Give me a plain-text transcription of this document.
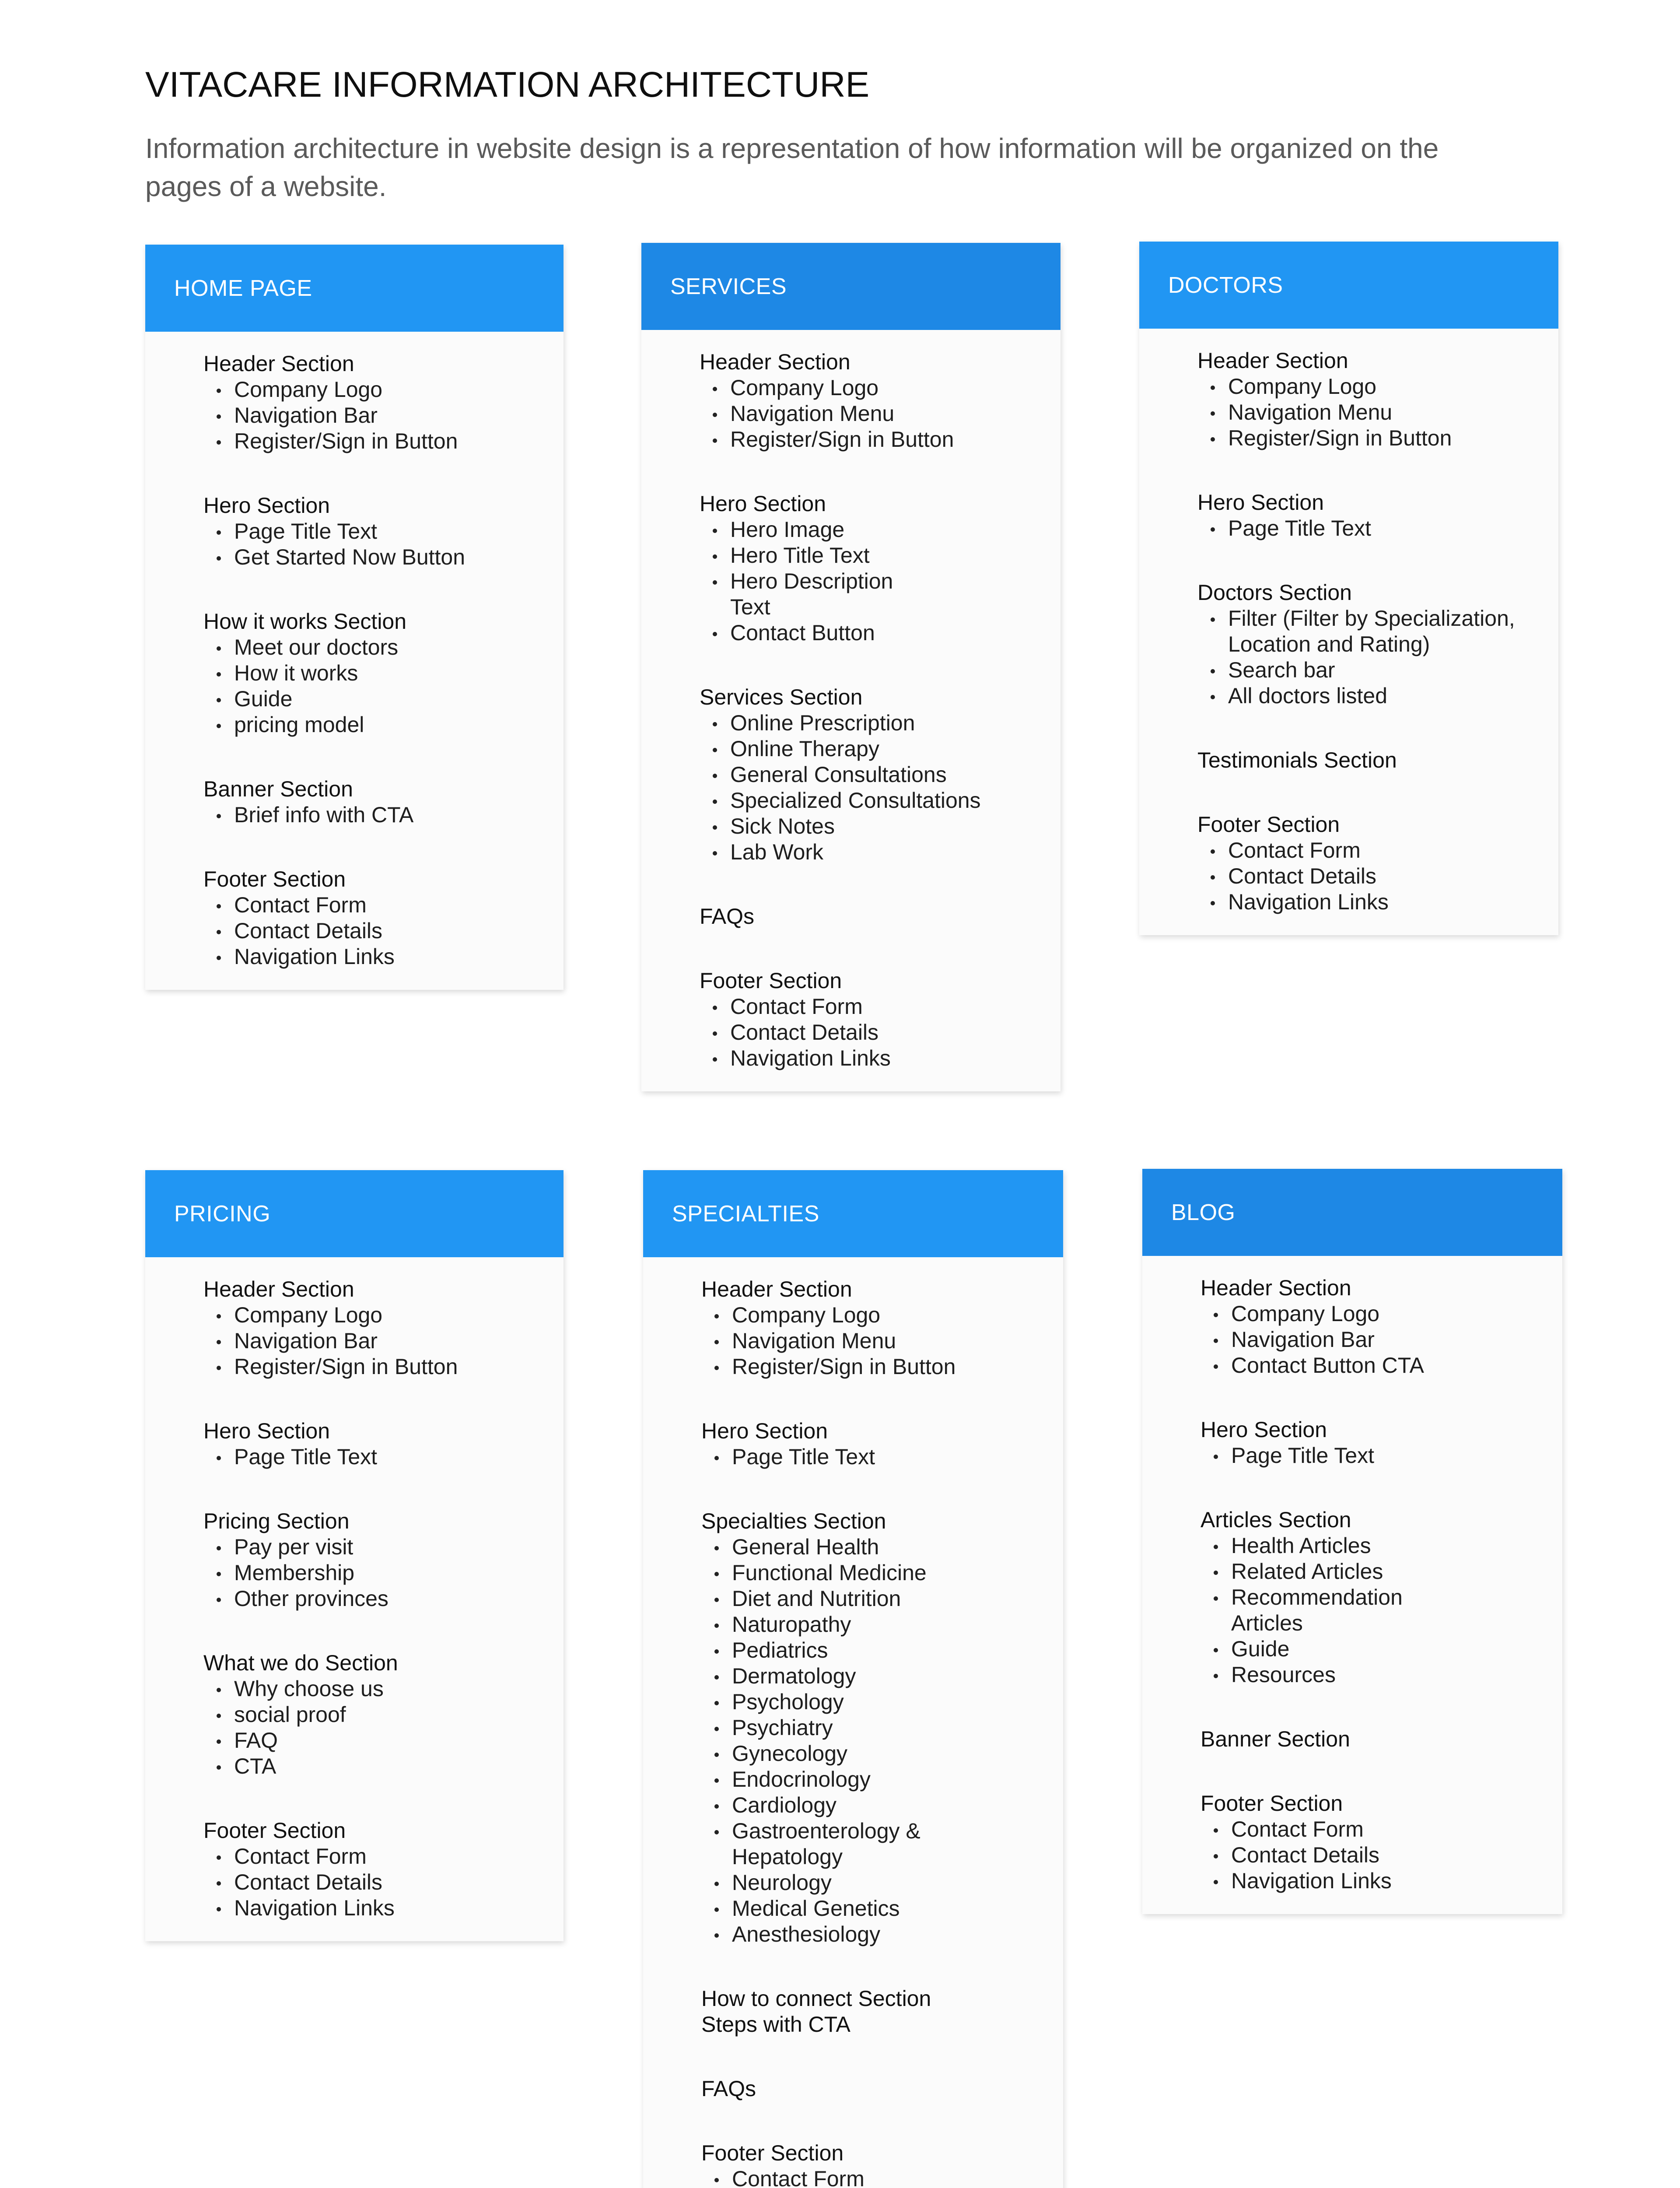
VITACARE INFORMATION ARCHITECTURE

Information architecture in website design is a representation of how information will be organized on the pages of a website.

HOME PAGE
Header Section
Company Logo
Navigation Bar
Register/Sign in Button
Hero Section
Page Title Text
Get Started Now Button
How it works Section
Meet our doctors
How it works
Guide
pricing model
Banner Section
Brief info with CTA
Footer Section
Contact Form
Contact Details
Navigation Links
SERVICES
Header Section
Company Logo
Navigation Menu
Register/Sign in Button
Hero Section
Hero Image
Hero Title Text
Hero Description
Text
Contact Button
Services Section
Online Prescription
Online Therapy
General Consultations
Specialized Consultations
Sick Notes
Lab Work
FAQs
Footer Section
Contact Form
Contact Details
Navigation Links
DOCTORS
Header Section
Company Logo
Navigation Menu
Register/Sign in Button
Hero Section
Page Title Text
Doctors Section
Filter (Filter by Specialization,
Location and Rating)
Search bar
All doctors listed
Testimonials Section
Footer Section
Contact Form
Contact Details
Navigation Links
PRICING
Header Section
Company Logo
Navigation Bar
Register/Sign in Button
Hero Section
Page Title Text
Pricing Section
Pay per visit
Membership
Other provinces
What we do Section
Why choose us
social proof
FAQ
CTA
Footer Section
Contact Form
Contact Details
Navigation Links
SPECIALTIES
Header Section
Company Logo
Navigation Menu
Register/Sign in Button
Hero Section
Page Title Text
Specialties Section
General Health
Functional Medicine
Diet and Nutrition
Naturopathy
Pediatrics
Dermatology
Psychology
Psychiatry
Gynecology
Endocrinology
Cardiology
Gastroenterology &
Hepatology
Neurology
Medical Genetics
Anesthesiology
How to connect Section
Steps with CTA
FAQs
Footer Section
Contact Form
BLOG
Header Section
Company Logo
Navigation Bar
Contact Button CTA
Hero Section
Page Title Text
Articles Section
Health Articles
Related Articles
Recommendation
Articles
Guide
Resources
Banner Section
Footer Section
Contact Form
Contact Details
Navigation Links
